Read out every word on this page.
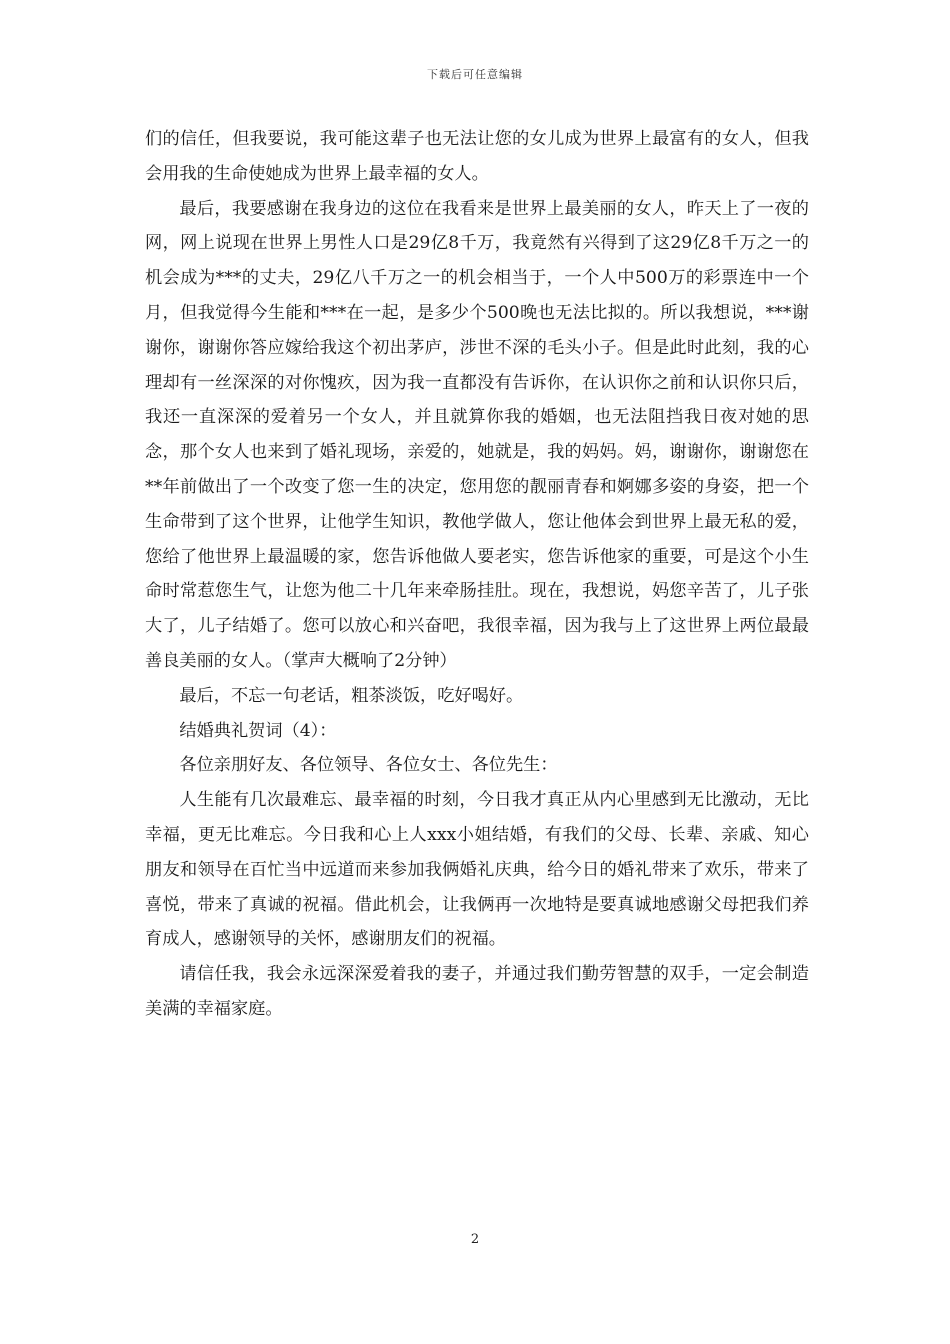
下载后可任意编辑

们的信任，但我要说，我可能这辈子也无法让您的女儿成为世界上最富有的女人，但我会用我的生命使她成为世界上最幸福的女人。

最后，我要感谢在我身边的这位在我看来是世界上最美丽的女人，昨天上了一夜的网，网上说现在世界上男性人口是29亿8千万，我竟然有兴得到了这29亿8千万之一的机会成为***的丈夫，29亿八千万之一的机会相当于，一个人中500万的彩票连中一个月，但我觉得今生能和***在一起，是多少个500晚也无法比拟的。所以我想说，***谢谢你，谢谢你答应嫁给我这个初出茅庐，涉世不深的毛头小子。但是此时此刻，我的心理却有一丝深深的对你愧疚，因为我一直都没有告诉你，在认识你之前和认识你只后，我还一直深深的爱着另一个女人，并且就算你我的婚姻，也无法阻挡我日夜对她的思念，那个女人也来到了婚礼现场，亲爱的，她就是，我的妈妈。妈，谢谢你，谢谢您在**年前做出了一个改变了您一生的决定，您用您的靓丽青春和婀娜多姿的身姿，把一个生命带到了这个世界，让他学生知识，教他学做人，您让他体会到世界上最无私的爱，您给了他世界上最温暖的家，您告诉他做人要老实，您告诉他家的重要，可是这个小生命时常惹您生气，让您为他二十几年来牵肠挂肚。现在，我想说，妈您辛苦了，儿子张大了，儿子结婚了。您可以放心和兴奋吧，我很幸福，因为我与上了这世界上两位最最善良美丽的女人。（掌声大概响了2分钟）

最后，不忘一句老话，粗茶淡饭，吃好喝好。

结婚典礼贺词（4）：

各位亲朋好友、各位领导、各位女士、各位先生：

人生能有几次最难忘、最幸福的时刻，今日我才真正从内心里感到无比激动，无比幸福，更无比难忘。今日我和心上人xxx小姐结婚，有我们的父母、长辈、亲戚、知心朋友和领导在百忙当中远道而来参加我俩婚礼庆典，给今日的婚礼带来了欢乐，带来了喜悦，带来了真诚的祝福。借此机会，让我俩再一次地特是要真诚地感谢父母把我们养育成人，感谢领导的关怀，感谢朋友们的祝福。

请信任我，我会永远深深爱着我的妻子，并通过我们勤劳智慧的双手，一定会制造美满的幸福家庭。

2
